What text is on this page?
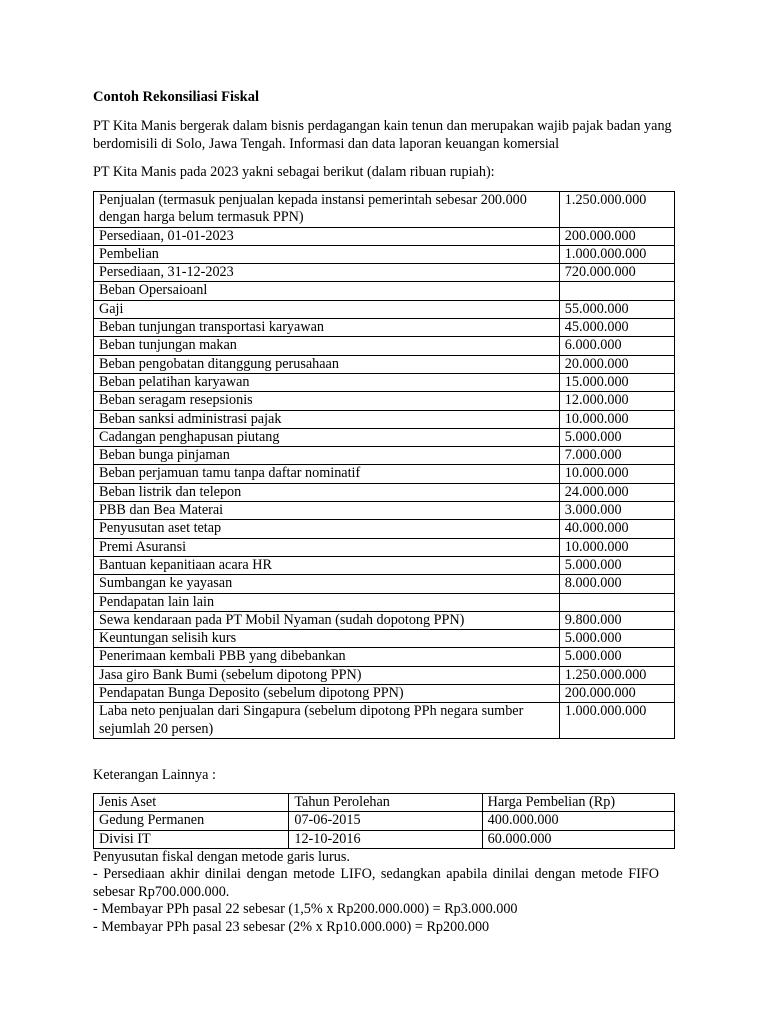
Contoh Rekonsiliasi Fiskal

PT Kita Manis bergerak dalam bisnis perdagangan kain tenun dan merupakan wajib pajak badan yang berdomisili di Solo, Jawa Tengah. Informasi dan data laporan keuangan komersial

PT Kita Manis pada 2023 yakni sebagai berikut (dalam ribuan rupiah):

Penjualan (termasuk penjualan kepada instansi pemerintah sebesar 200.000 dengan harga belum termasuk PPN)	1.250.000.000
Persediaan, 01-01-2023	200.000.000
Pembelian	1.000.000.000
Persediaan, 31-12-2023	720.000.000
Beban Opersaioanl	
Gaji	55.000.000
Beban tunjungan transportasi karyawan	45.000.000
Beban tunjungan makan	6.000.000
Beban pengobatan ditanggung perusahaan	20.000.000
Beban pelatihan karyawan	15.000.000
Beban seragam resepsionis	12.000.000
Beban sanksi administrasi pajak	10.000.000
Cadangan penghapusan piutang	5.000.000
Beban bunga pinjaman	7.000.000
Beban perjamuan tamu tanpa daftar nominatif	10.000.000
Beban listrik dan telepon	24.000.000
PBB dan Bea Materai	3.000.000
Penyusutan aset tetap	40.000.000
Premi Asuransi	10.000.000
Bantuan kepanitiaan acara HR	5.000.000
Sumbangan ke yayasan	8.000.000
Pendapatan lain lain	
Sewa kendaraan pada PT Mobil Nyaman (sudah dopotong PPN)	9.800.000
Keuntungan selisih kurs	5.000.000
Penerimaan kembali PBB yang dibebankan	5.000.000
Jasa giro Bank Bumi (sebelum dipotong PPN)	1.250.000.000
Pendapatan Bunga Deposito (sebelum dipotong PPN)	200.000.000
Laba neto penjualan dari Singapura (sebelum dipotong PPh negara sumber sejumlah 20 persen)	1.000.000.000

Keterangan Lainnya :

Jenis Aset	Tahun Perolehan	Harga Pembelian (Rp)
Gedung Permanen	07-06-2015	400.000.000
Divisi IT	12-10-2016	60.000.000

Penyusutan fiskal dengan metode garis lurus.

- Persediaan akhir dinilai dengan metode LIFO, sedangkan apabila dinilai dengan metode FIFO sebesar Rp700.000.000.

- Membayar PPh pasal 22 sebesar (1,5% x Rp200.000.000) = Rp3.000.000

- Membayar PPh pasal 23 sebesar (2% x Rp10.000.000) = Rp200.000
